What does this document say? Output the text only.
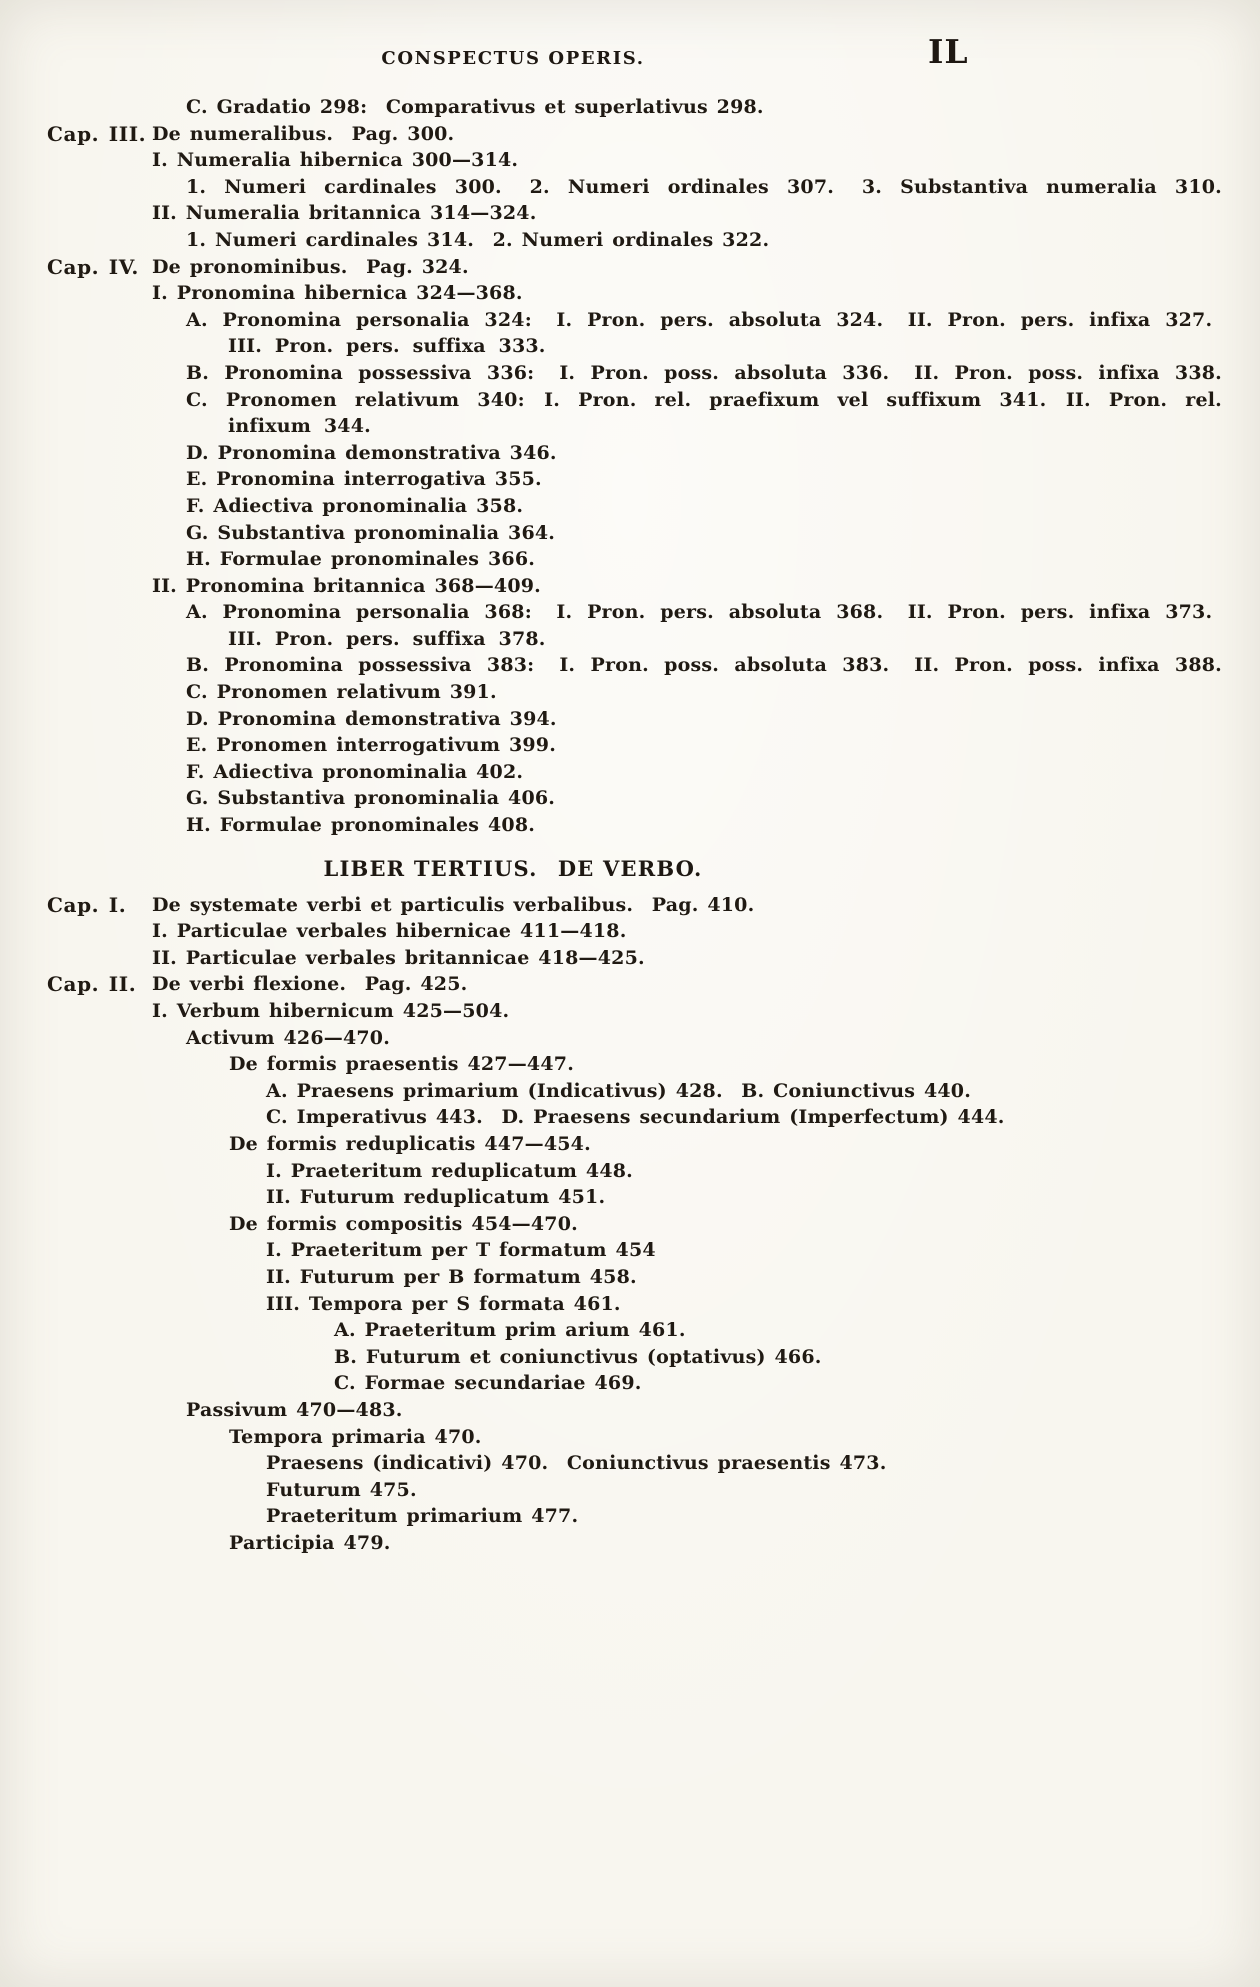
CONSPECTUS OPERIS.	IL
C. Gradatio 298:  Comparativus et superlativus 298.
Cap. III. De numeralibus.  Pag. 300.
I. Numeralia hibernica 300—314.
1. Numeri cardinales 300.  2. Numeri ordinales 307.  3. Substantiva numeralia 310.
II. Numeralia britannica 314—324.
1. Numeri cardinales 314.  2. Numeri ordinales 322.
Cap. IV. De pronominibus.  Pag. 324.
I. Pronomina hibernica 324—368.
A. Pronomina personalia 324:  I. Pron. pers. absoluta 324.  II. Pron. pers. infixa 327.  III. Pron. pers. suffixa 333.
B. Pronomina possessiva 336:  I. Pron. poss. absoluta 336.  II. Pron. poss. infixa 338.
C. Pronomen relativum 340:  I. Pron. rel. praefixum vel suffixum 341.  II. Pron. rel. infixum 344.
D. Pronomina demonstrativa 346.
E. Pronomina interrogativa 355.
F. Adiectiva pronominalia 358.
G. Substantiva pronominalia 364.
H. Formulae pronominales 366.
II. Pronomina britannica 368—409.
A. Pronomina personalia 368:  I. Pron. pers. absoluta 368.  II. Pron. pers. infixa 373.  III. Pron. pers. suffixa 378.
B. Pronomina possessiva 383:  I. Pron. poss. absoluta 383.  II. Pron. poss. infixa 388.
C. Pronomen relativum 391.
D. Pronomina demonstrativa 394.
E. Pronomen interrogativum 399.
F. Adiectiva pronominalia 402.
G. Substantiva pronominalia 406.
H. Formulae pronominales 408.
LIBER TERTIUS.  DE VERBO.
Cap. I. De systemate verbi et particulis verbalibus.  Pag. 410.
I. Particulae verbales hibernicae 411—418.
II. Particulae verbales britannicae 418—425.
Cap. II. De verbi flexione.  Pag. 425.
I. Verbum hibernicum 425—504.
Activum 426—470.
De formis praesentis 427—447.
A. Praesens primarium (Indicativus) 428.  B. Coniunctivus 440.
C. Imperativus 443.  D. Praesens secundarium (Imperfectum) 444.
De formis reduplicatis 447—454.
I. Praeteritum reduplicatum 448.
II. Futurum reduplicatum 451.
De formis compositis 454—470.
I. Praeteritum per T formatum 454
II. Futurum per B formatum 458.
III. Tempora per S formata 461.
A. Praeteritum prim arium 461.
B. Futurum et coniunctivus (optativus) 466.
C. Formae secundariae 469.
Passivum 470—483.
Tempora primaria 470.
Praesens (indicativi) 470.  Coniunctivus praesentis 473.
Futurum 475.
Praeteritum primarium 477.
Participia 479.
